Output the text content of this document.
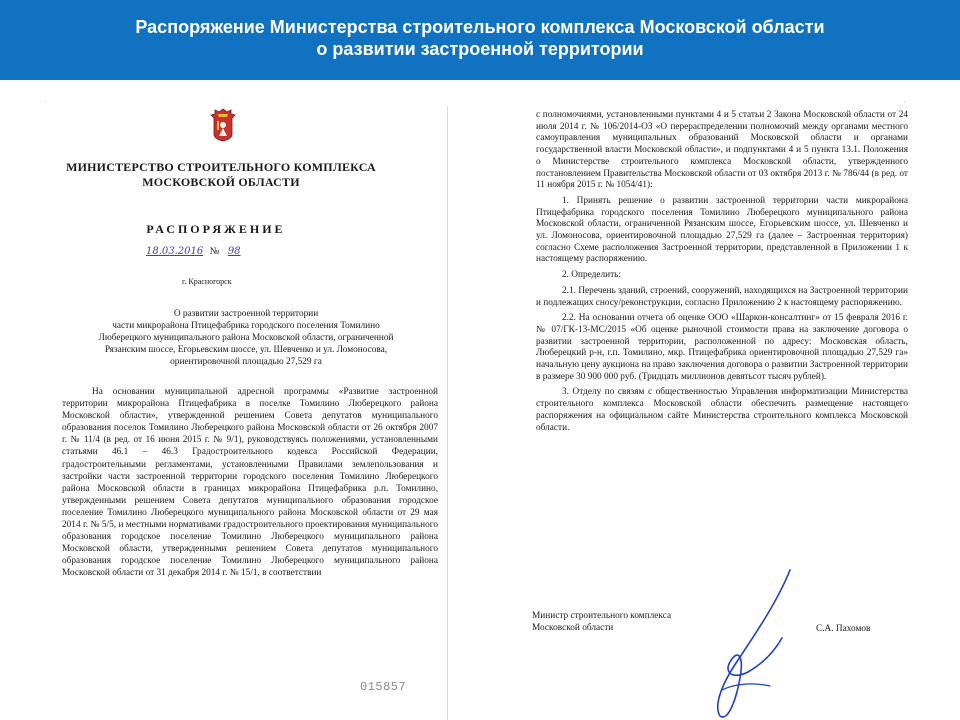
Распоряжение Министерства строительного комплекса Московской области
о развитии застроенной территории
·
МИНИСТЕРСТВО СТРОИТЕЛЬНОГО КОМПЛЕКСА
МОСКОВСКОЙ ОБЛАСТИ
РАСПОРЯЖЕНИЕ
18.03.2016 № 98
г. Красногорск
О развитии застроенной территории
части микрорайона Птицефабрика городского поселения Томилино
Люберецкого муниципального района Московской области, ограниченной
Рязанским шоссе, Егорьевским шоссе, ул. Шевченко и ул. Ломоносова,
ориентировочной площадью 27,529 га

На основании муниципальной адресной программы «Развитие застроенной территории микрорайона Птицефабрика в поселке Томилино Люберецкого района Московской области», утвержденной решением Совета депутатов муниципального образования поселок Томилино Люберецкого района Московской области от 26 октября 2007 г. № 11/4 (в ред. от 16 июня 2015 г. № 9/1), руководствуясь положениями, установленными статьями 46.1 – 46.3 Градостроительного кодекса Российской Федерации, градостроительными регламентами, установленными Правилами землепользования и застройки части застроенной территории городского поселения Томилино Люберецкого района Московской области в границах микрорайона Птицефабрика р.п. Томилино, утвержденными решением Совета депутатов муниципального образования городское поселение Томилино Люберецкого муниципального района Московской области от 29 мая 2014 г. № 5/5, и местными нормативами градостроительного проектирования муниципального образования городское поселение Томилино Люберецкого муниципального района Московской области, утвержденными решением Совета депутатов муниципального образования городское поселение Томилино Люберецкого муниципального района Московской области от 31 декабря 2014 г. № 15/1, в соответствии

015857
·

с полномочиями, установленными пунктами 4 и 5 статьи 2 Закона Московской области от 24 июля 2014 г. № 106/2014-ОЗ «О перераспределении полномочий между органами местного самоуправления муниципальных образований Московской области и органами государственной власти Московской области», и подпунктами 4 и 5 пункта 13.1. Положения о Министерстве строительного комплекса Московской области, утвержденного постановлением Правительства Московской области от 03 октября 2013 г. № 786/44 (в ред. от 11 ноября 2015 г. № 1054/41):

1. Принять решение о развитии застроенной территории части микрорайона Птицефабрика городского поселения Томилино Люберецкого муниципального района Московской области, ограниченной Рязанским шоссе, Егорьевским шоссе, ул. Шевченко и ул. Ломоносова, ориентировочной площадью 27,529 га (далее – Застроенная территория) согласно Схеме расположения Застроенной территории, представленной в Приложении 1 к настоящему распоряжению.

2. Определить:

2.1. Перечень зданий, строений, сооружений, находящихся на Застроенной территории и подлежащих сносу/реконструкции, согласно Приложению 2 к настоящему распоряжению.

2.2. На основании отчета об оценке ООО «Шаркон-консалтинг» от 15 февраля 2016 г. № 07/ГК-13-МС/2015 «Об оценке рыночной стоимости права на заключение договора о развитии застроенной территории, расположенной по адресу: Московская область, Люберецкий р-н, г.п. Томилино, мкр. Птицефабрика ориентировочной площадью 27,529 га» начальную цену аукциона на право заключения договора о развитии Застроенной территории в размере 30 900 000 руб. (Тридцать миллионов девятьсот тысяч рублей).

3. Отделу по связям с общественностью Управления информатизации Министерства строительного комплекса Московской области обеспечить размещение настоящего распоряжения на официальном сайте Министерства строительного комплекса Московской области.

Министр строительного комплекса
Московской области	С.А. Пахомов
